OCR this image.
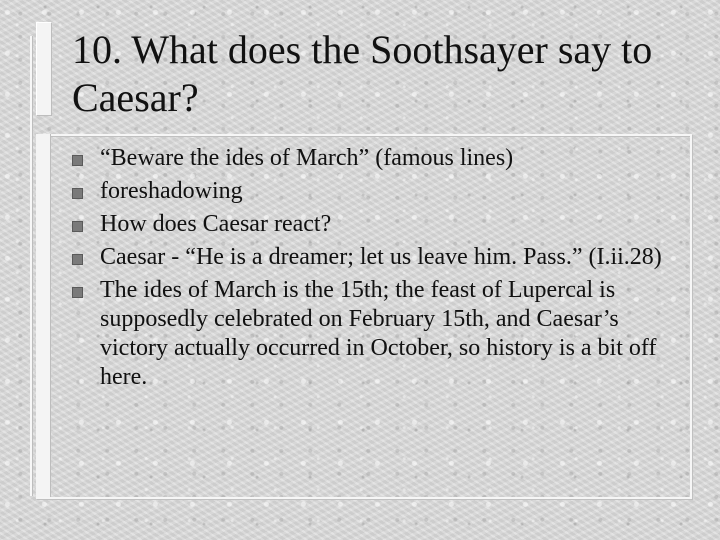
10. What does the Soothsayer say to Caesar?
“Beware the ides of March” (famous lines)
foreshadowing
How does Caesar react?
Caesar - “He is a dreamer; let us leave him. Pass.” (I.ii.28)
The ides of March is the 15th; the feast of Lupercal is supposedly celebrated on February 15th, and Caesar’s victory actually occurred in October, so history is a bit off here.
